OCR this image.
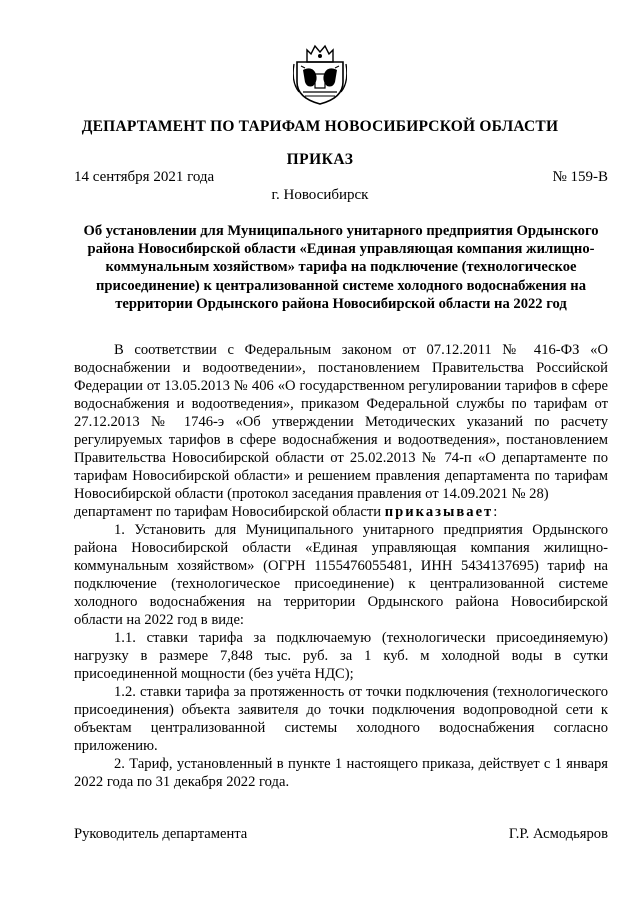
ДЕПАРТАМЕНТ ПО ТАРИФАМ НОВОСИБИРСКОЙ ОБЛАСТИ
ПРИКАЗ
14 сентября 2021 года	№ 159-В
г. Новосибирск
Об установлении для Муниципального унитарного предприятия Ордынского района Новосибирской области «Единая управляющая компания жилищно-коммунальным хозяйством» тарифа на подключение (технологическое присоединение) к централизованной системе холодного водоснабжения на территории Ордынского района Новосибирской области на 2022 год

В соответствии с Федеральным законом от 07.12.2011 № 416-ФЗ «О водоснабжении и водоотведении», постановлением Правительства Российской Федерации от 13.05.2013 № 406 «О государственном регулировании тарифов в сфере водоснабжения и водоотведения», приказом Федеральной службы по тарифам от 27.12.2013 № 1746-э «Об утверждении Методических указаний по расчету регулируемых тарифов в сфере водоснабжения и водоотведения», постановлением Правительства Новосибирской области от 25.02.2013 № 74-п «О департаменте по тарифам Новосибирской области» и решением правления департамента по тарифам Новосибирской области (протокол заседания правления от 14.09.2021 № 28)

департамент по тарифам Новосибирской области приказывает:

1. Установить для Муниципального унитарного предприятия Ордынского района Новосибирской области «Единая управляющая компания жилищно-коммунальным хозяйством» (ОГРН 1155476055481, ИНН 5434137695) тариф на подключение (технологическое присоединение) к централизованной системе холодного водоснабжения на территории Ордынского района Новосибирской области на 2022 год в виде:

1.1. ставки тарифа за подключаемую (технологически присоединяемую) нагрузку в размере 7,848 тыс. руб. за 1 куб. м холодной воды в сутки присоединенной мощности (без учёта НДС);

1.2. ставки тарифа за протяженность от точки подключения (технологического присоединения) объекта заявителя до точки подключения водопроводной сети к объектам централизованной системы холодного водоснабжения согласно приложению.

2. Тариф, установленный в пункте 1 настоящего приказа, действует с 1 января 2022 года по 31 декабря 2022 года.

Руководитель департамента	Г.Р. Асмодьяров
